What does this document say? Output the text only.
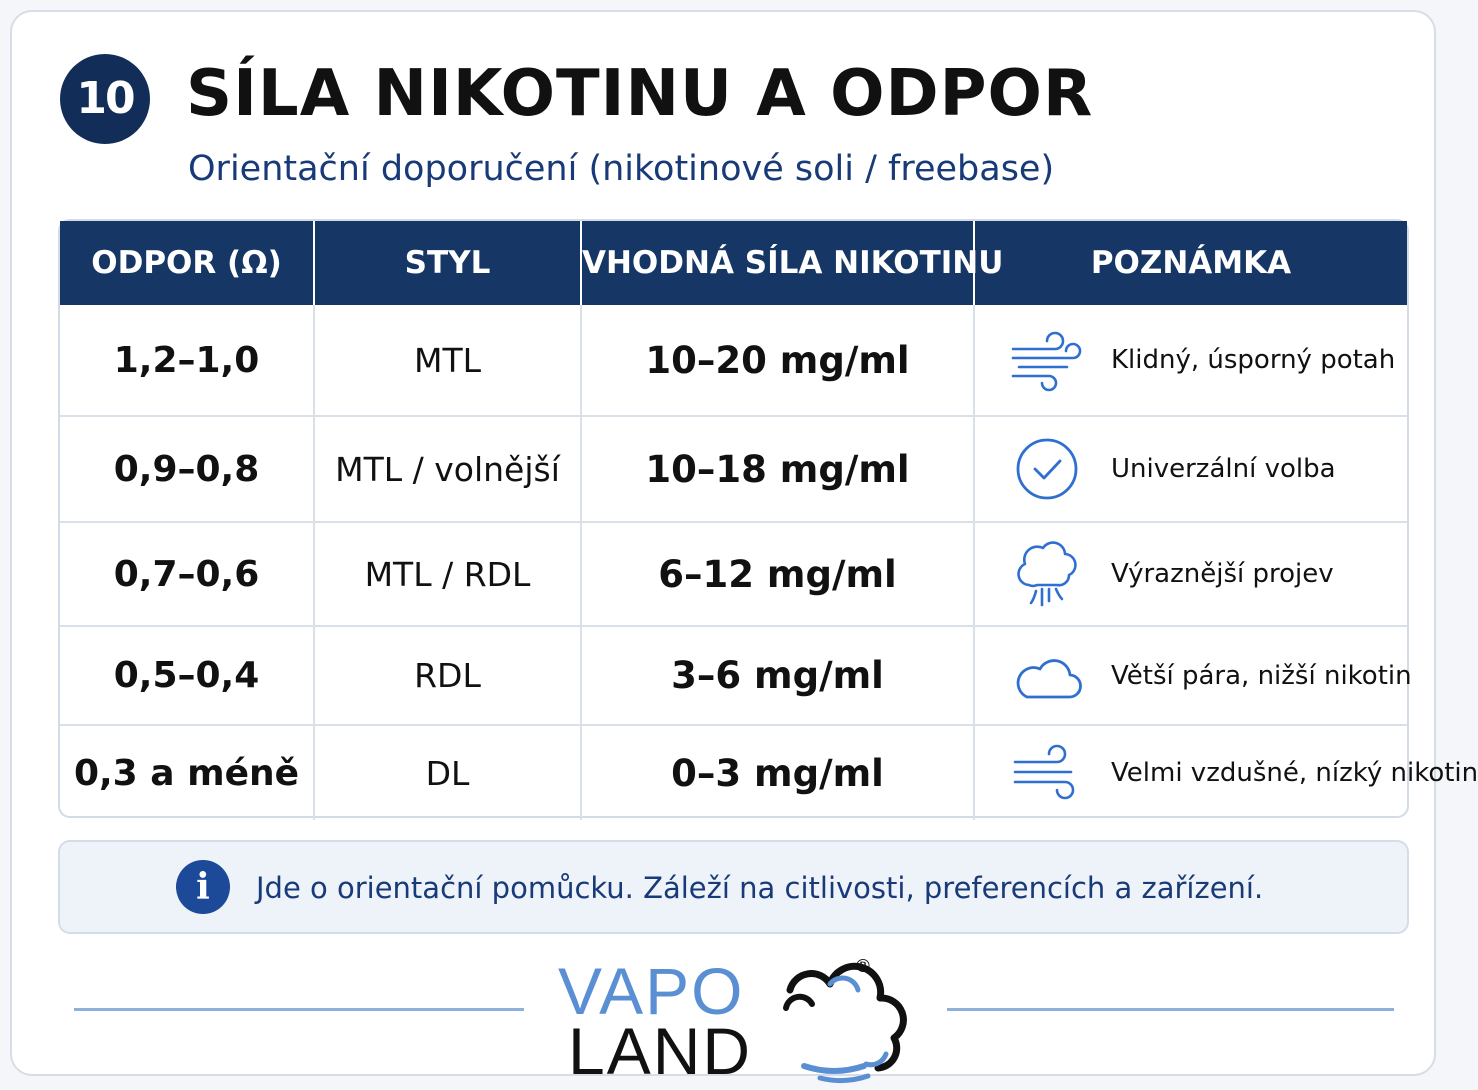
10 SÍLA NIKOTINU A ODPOR
Orientační doporučení (nikotinové soli / freebase)
ODPOR (Ω)	STYL	VHODNÁ SÍLA NIKOTINU	POZNÁMKA
1,2–1,0	MTL	10–20 mg/ml	Klidný, úsporný potah
0,9–0,8	MTL / volnější	10–18 mg/ml	Univerzální volba
0,7–0,6	MTL / RDL	6–12 mg/ml	Výraznější projev
0,5–0,4	RDL	3–6 mg/ml	Větší pára, nižší nikotin
0,3 a méně	DL	0–3 mg/ml	Velmi vzdušné, nízký nikotin
i	Jde o orientační pomůcku. Záleží na citlivosti, preferencích a zařízení.
VAPO
LAND
®
